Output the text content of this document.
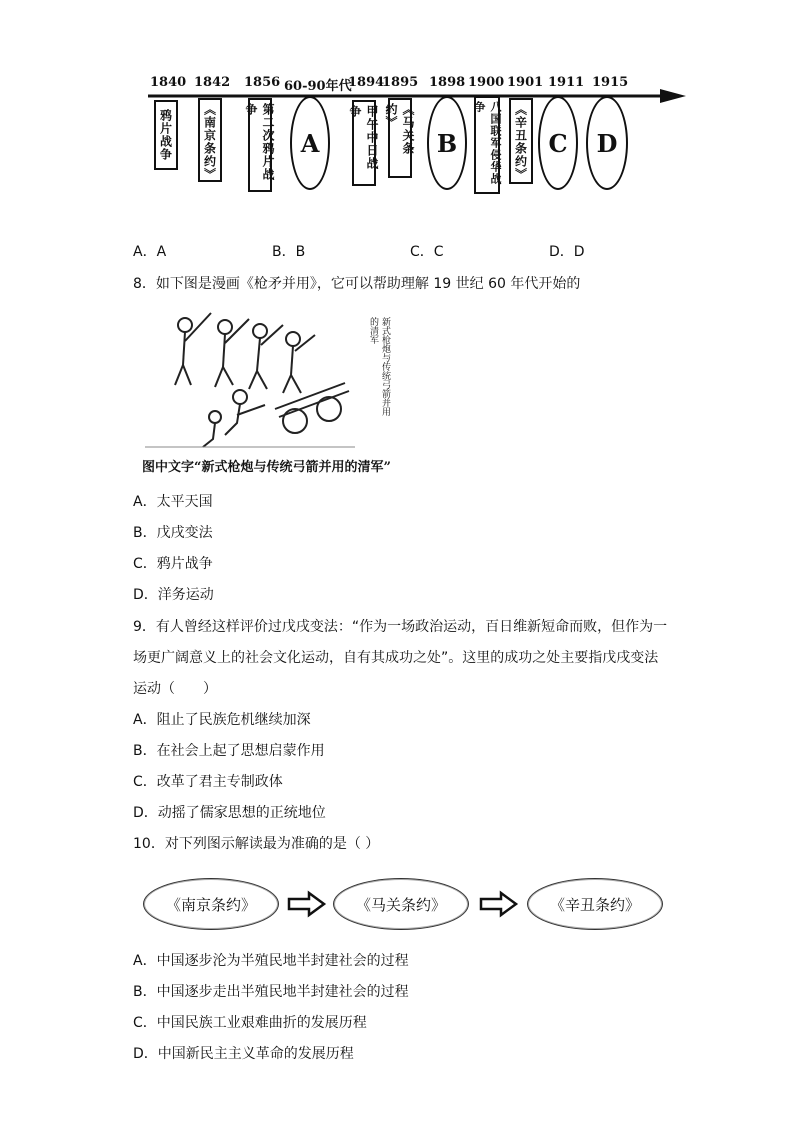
1840 1842 1856 60-90年代
1894
1895 1898 1900 1901 1911 1915
鸦片战争	《南京条约》	第二次鸦片战争	甲午中日战争	《马关条约》	八国联军侵华战争	《辛丑条约》
A	B	C	D
A．A	B．B	C．C	D．D
8．如下图是漫画《枪矛并用》，它可以帮助理解 19 世纪 60 年代开始的
新式枪炮与传统弓箭并用的清军
图中文字“新式枪炮与传统弓箭并用的清军”
A．太平天国
B．戊戌变法
C．鸦片战争
D．洋务运动
9．有人曾经这样评价过戊戌变法：“作为一场政治运动，百日维新短命而败，但作为一
场更广阔意义上的社会文化运动，自有其成功之处”。这里的成功之处主要指戊戌变法
运动（　　）
A．阻止了民族危机继续加深
B．在社会上起了思想启蒙作用
C．改革了君主专制政体
D．动摇了儒家思想的正统地位
10．对下列图示解读最为准确的是（ ）
《南京条约》	《马关条约》	《辛丑条约》
A．中国逐步沦为半殖民地半封建社会的过程
B．中国逐步走出半殖民地半封建社会的过程
C．中国民族工业艰难曲折的发展历程
D．中国新民主主义革命的发展历程
